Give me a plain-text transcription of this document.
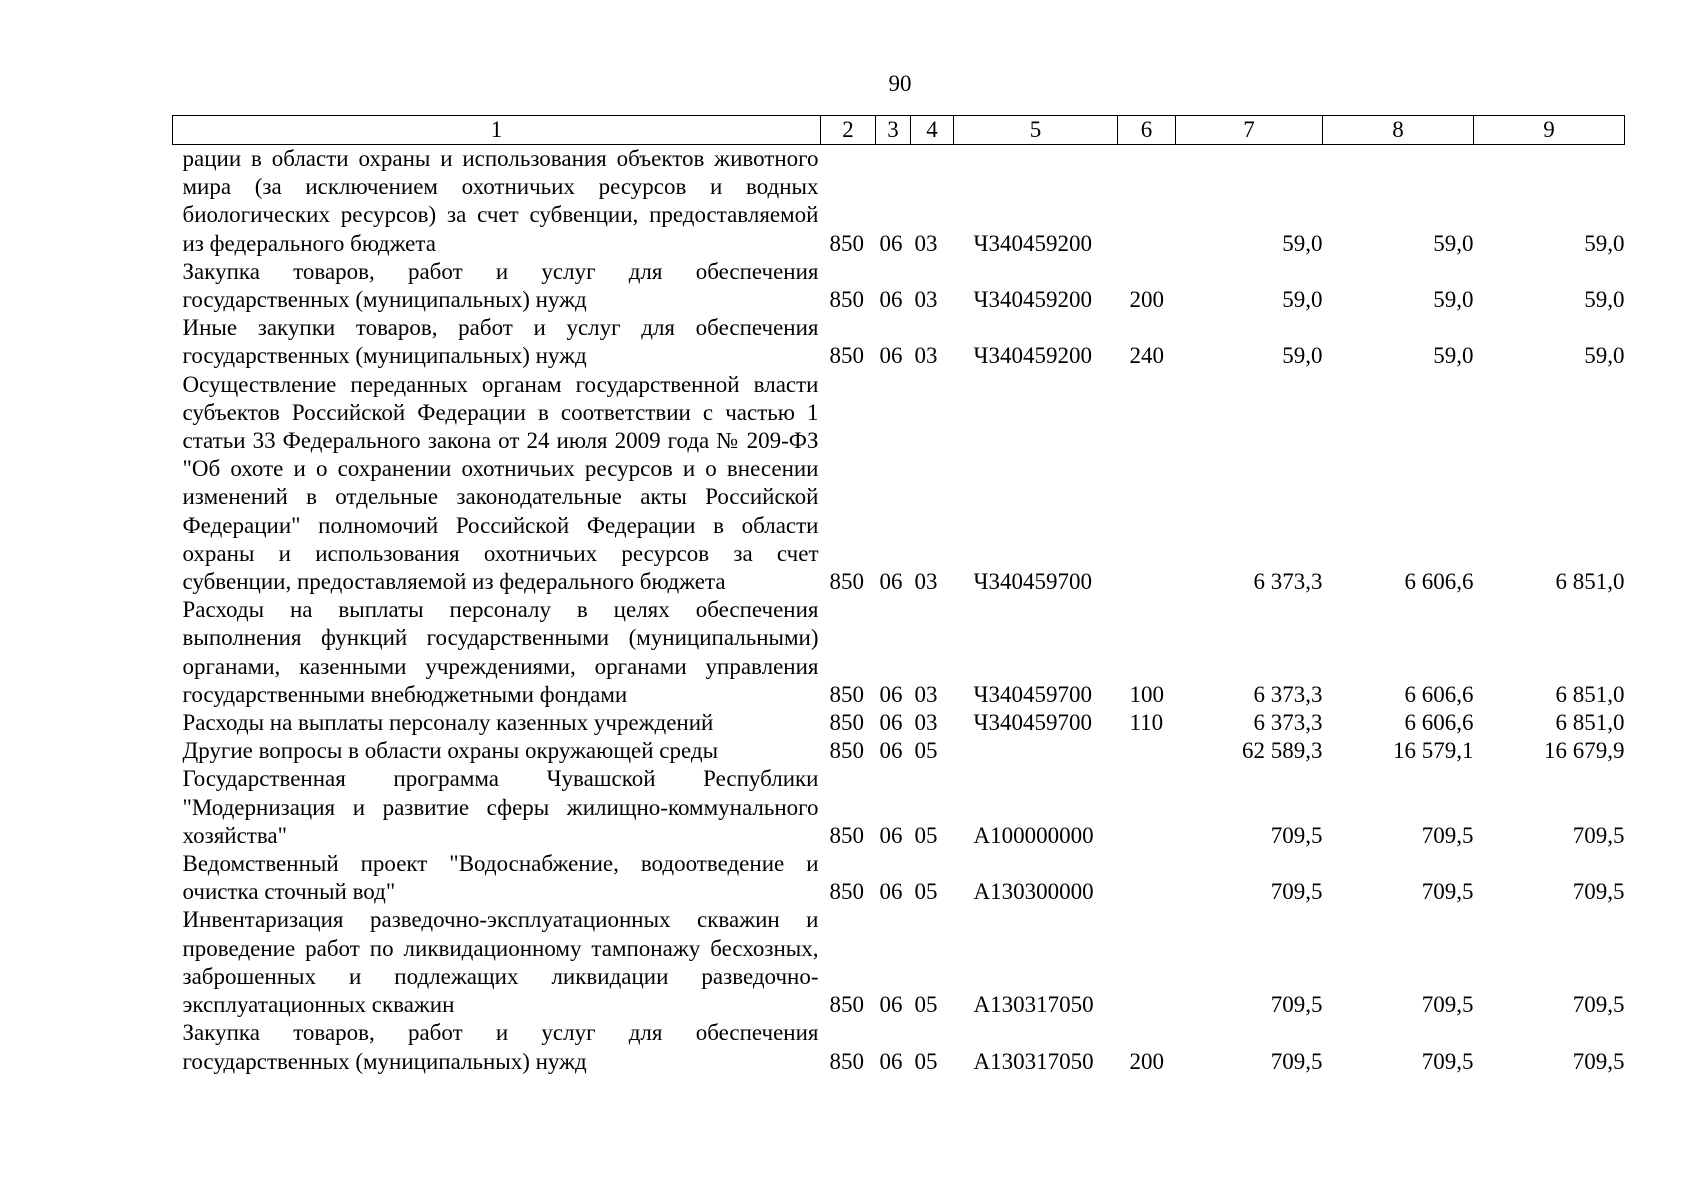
90
1	2	3	4	5	6	7	8	9
рации в области охраны и использования объектов животного мира (за исключением охотничьих ресурсов и водных биологических ресурсов) за счет субвенции, предоставляемой из федерального бюджета	850	06	03	Ч340459200		59,0	59,0	59,0
Закупка товаров, работ и услуг для обеспечения государственных (муниципальных) нужд	850	06	03	Ч340459200	200	59,0	59,0	59,0
Иные закупки товаров, работ и услуг для обеспечения государственных (муниципальных) нужд	850	06	03	Ч340459200	240	59,0	59,0	59,0
Осуществление переданных органам государственной власти субъектов Российской Федерации в соответствии с частью 1 статьи 33 Федерального закона от 24 июля 2009 года № 209-ФЗ "Об охоте и о сохранении охотничьих ресурсов и о внесении изменений в отдельные законодательные акты Российской Федерации" полномочий Российской Федерации в области охраны и использования охотничьих ресурсов за счет субвенции, предоставляемой из федерального бюджета	850	06	03	Ч340459700		6 373,3	6 606,6	6 851,0
Расходы на выплаты персоналу в целях обеспечения выполнения функций государственными (муниципальными) органами, казенными учреждениями, органами управления государственными внебюджетными фондами	850	06	03	Ч340459700	100	6 373,3	6 606,6	6 851,0
Расходы на выплаты персоналу казенных учреждений	850	06	03	Ч340459700	110	6 373,3	6 606,6	6 851,0
Другие вопросы в области охраны окружающей среды	850	06	05			62 589,3	16 579,1	16 679,9
Государственная программа Чувашской Республики "Модернизация и развитие сферы жилищно-коммунального хозяйства"	850	06	05	А100000000		709,5	709,5	709,5
Ведомственный проект "Водоснабжение, водоотведение и очистка сточный вод"	850	06	05	А130300000		709,5	709,5	709,5
Инвентаризация разведочно-эксплуатационных скважин и проведение работ по ликвидационному тампонажу бесхозных, заброшенных и подлежащих ликвидации разведочно-эксплуатационных скважин	850	06	05	А130317050		709,5	709,5	709,5
Закупка товаров, работ и услуг для обеспечения государственных (муниципальных) нужд	850	06	05	А130317050	200	709,5	709,5	709,5
